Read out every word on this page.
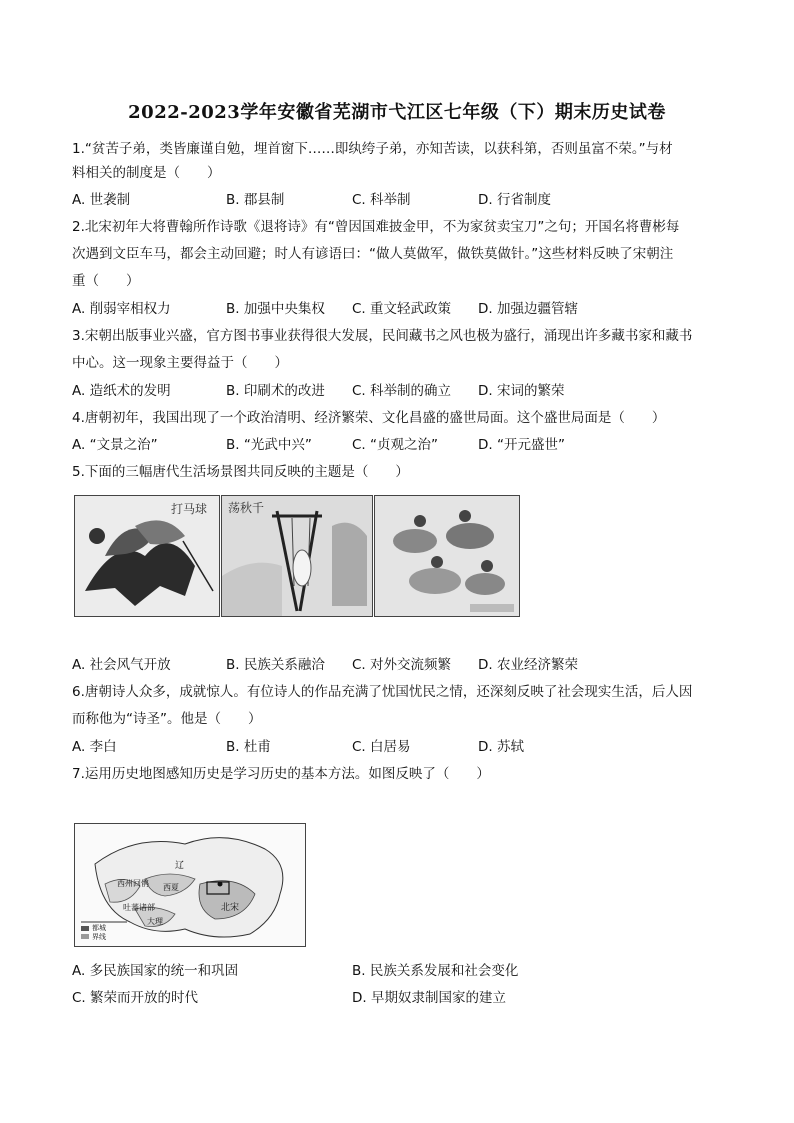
2022-2023学年安徽省芜湖市弋江区七年级（下）期末历史试卷
1.“贫苦子弟，类皆廉谨自勉，埋首窗下……即纨绔子弟，亦知苦读，以获科第，否则虽富不荣。”与材
料相关的制度是（　　）
A. 世袭制	B. 郡县制	C. 科举制	D. 行省制度
2.北宋初年大将曹翰所作诗歌《退将诗》有“曾因国难披金甲，不为家贫卖宝刀”之句；开国名将曹彬每
次遇到文臣车马，都会主动回避；时人有谚语曰：“做人莫做军，做铁莫做针。”这些材料反映了宋朝注
重（　　）
A. 削弱宰相权力	B. 加强中央集权 C. 重文轻武政策 D. 加强边疆管辖
3.宋朝出版事业兴盛，官方图书事业获得很大发展，民间藏书之风也极为盛行，涌现出许多藏书家和藏书
中心。这一现象主要得益于（　　）
A. 造纸术的发明	B. 印刷术的改进 C. 科举制的确立 D. 宋词的繁荣
4.唐朝初年，我国出现了一个政治清明、经济繁荣、文化昌盛的盛世局面。这个盛世局面是（　　）
A. “文景之治”	B. “光武中兴”	C. “贞观之治”	D. “开元盛世”
5.下面的三幅唐代生活场景图共同反映的主题是（　　）
打马球 荡秋千
A. 社会风气开放	B. 民族关系融洽 C. 对外交流频繁 D. 农业经济繁荣
6.唐朝诗人众多，成就惊人。有位诗人的作品充满了忧国忧民之情，还深刻反映了社会现实生活，后人因
而称他为“诗圣”。他是（　　）
A. 李白	B. 杜甫	C. 白居易	D. 苏轼
7.运用历史地图感知历史是学习历史的基本方法。如图反映了（　　）
辽
西州回鹘
吐蕃诸部
西夏
北宋
大理
都城
界线
A. 多民族国家的统一和巩固	B. 民族关系发展和社会变化
C. 繁荣而开放的时代	D. 早期奴隶制国家的建立
